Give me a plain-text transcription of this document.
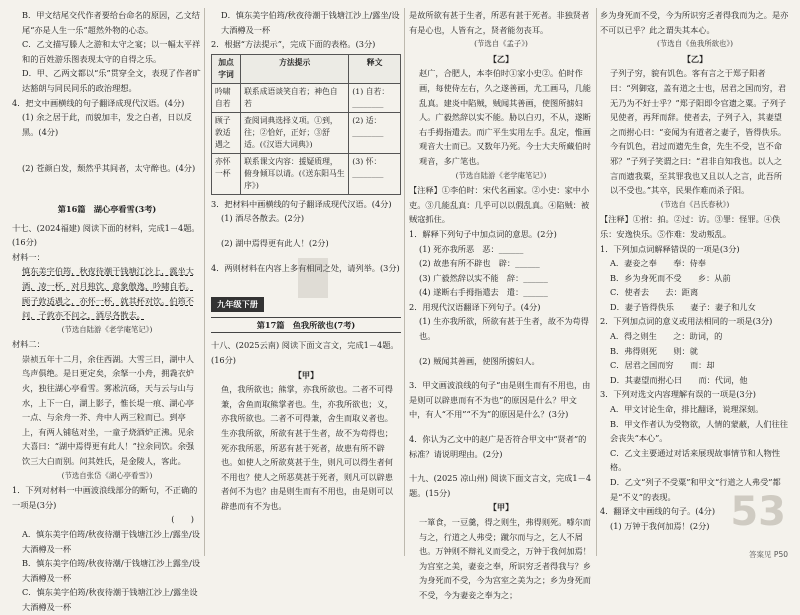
B．甲文结尾交代作者要给台命名的原因，乙文结尾“亦是人生一乐”超然外物的心态。

C．乙文描写滕人之游和太守之宴；以一幅太平祥和的百姓游乐图表现太守的自得之乐。

D．甲、乙两文都以“乐”贯穿全文，表现了作者旷达豁朗与同民同乐的政治理想。

4．把文中画横线的句子翻译成现代汉语。(4分)

(1) 余之居于此，而貌加丰，发之白者，日以反黑。(4分)

(2) 苍颜白发，颓然乎其间者，太守醉也。(4分)

第16篇　湖心亭看雪(3考)

十七、(2024福建) 阅读下面的材料，完成1－4题。(16分)

材料一：

慎东美字伯筠，秋夜待潮于钱塘江沙上，露坐大酒，凌一杯，对月独饮，意象傲逸，吟啸自若。顾子敦适遇之，亦怀一杯，就其杯对饮。伯筠不问，子敦亦不问之，酒尽各散去。

(节选自陆游《老学庵笔记》)

材料二：

崇祯五年十二月，余住西湖。大雪三日，湖中人鸟声俱绝。是日更定矣，余拏一小舟，拥毳衣炉火，独往湖心亭看雪。雾凇沆砀，天与云与山与水，上下一白，湖上影子，惟长堤一痕、湖心亭一点、与余舟一芥、舟中人两三粒而已。到亭上，有两人铺毡对坐，一童子烧酒炉正沸。见余大喜曰：“湖中焉得更有此人！”拉余同饮。余强饮三大白而别。问其姓氏，是金陵人，客此。

(节选自张岱《湖心亭看雪》)

1．下列对材料一中画波浪线部分的断句，不正确的一项是(3分)

(　　)

A．慎东美字伯筠/秋夜待潮于钱塘江沙上/露坐/设大酒樽及一杯

B．慎东美字伯筠/秋夜待潮/于钱塘江沙上露坐/设大酒樽及一杯

C．慎东美字伯筠/秋夜待潮于钱塘江沙上/露坐设大酒樽及一杯

D．慎东美字伯筠/秋夜待潮于钱塘江沙上/露坐/设大酒樽及一杯

2．根据“方法提示”，完成下面的表格。(3分)

加点字词	方法提示	释文
吟啸自若	联系成语谈笑自若；神色自若	(1) 自若：________
顾子敦适遇之	查阅词典选择义项。①到，往；②恰好，正好；③舒适。(《汉语大词典》)	(2) 适：________
亦怀一杯	联系课文内容：援疑质理，俯身倾耳以请。(《送东阳马生序》)	(3) 怀：________

3．把材料中画横线的句子翻译成现代汉语。(4分)

(1) 酒尽各散去。(2分)

(2) 湖中焉得更有此人！(2分)

4．两则材料在内容上多有相同之处，请列举。(3分)

九年级下册

第17篇　鱼我所欲也(7考)

十八、(2025云南) 阅读下面文言文，完成1－4题。(16分)

【甲】

鱼，我所欲也；熊掌，亦我所欲也。二者不可得兼，舍鱼而取熊掌者也。生，亦我所欲也；义，亦我所欲也。二者不可得兼，舍生而取义者也。生亦我所欲，所欲有甚于生者，故不为苟得也；死亦我所恶，所恶有甚于死者，故患有所不辟也。如使人之所欲莫甚于生，则凡可以得生者何不用也？使人之所恶莫甚于死者，则凡可以辟患者何不为也？由是则生而有不用也，由是则可以辟患而有不为也。

是故所欲有甚于生者，所恶有甚于死者。非独贤者有是心也，人皆有之，贤者能勿丧耳。

(节选自《孟子》)

【乙】

赵广，合肥人，本李伯时①家小史②。伯时作画，每使侍左右，久之遂善画，尤工画马，几能乱真。建炎中陷贼，贼闻其善画，使图所掳妇人。广毅然辞以实不能。胁以白刃，不从，遂断右手拇指遣去。而广平生实用左手。乱定，惟画观音大士而已。又数年乃死。今士大夫所藏伯时观音，多广笔也。

(节选自陆游《老学庵笔记》)

【注释】①李伯时：宋代名画家。②小史：家中小吏。③几能乱真：几乎可以以假乱真。④陷贼：被贼寇抓住。

1．解释下列句子中加点词的意思。(2分)

(1) 死亦我所恶　 恶：______

(2) 故患有所不辟也　 辟：______

(3) 广毅然辞以实不能　 辞：______

(4) 遂断右手拇指遣去　 遣：______

2．用现代汉语翻译下列句子。(4分)

(1) 生亦我所欲，所欲有甚于生者，故不为苟得也。

(2) 贼闻其善画，使图所掳妇人。

3．甲文画波浪线的句子“由是则生而有不用也，由是则可以辟患而有不为也”的原因是什么？甲文中，有人“不用”“不为”的原因是什么？(3分)

4．你认为乙文中的赵广是否符合甲文中“贤者”的标准？请说明理由。(2分)

十九、(2025 凉山州) 阅读下面文言文，完成1－4题。(15分)

【甲】

一箪食，一豆羹，得之则生，弗得则死。嘑尔而与之，行道之人弗受；蹴尔而与之，乞人不屑也。万钟则不辩礼义而受之，万钟于我何加焉！为宫室之美，妻妾之奉，所识穷乏者得我与？乡为身死而不受，今为宫室之美为之；乡为身死而不受，今为妻妾之奉为之；

乡为身死而不受，今为所识穷乏者得我而为之。是亦不可以已乎？此之谓失其本心。

(节选自《鱼我所欲也》)

【乙】

子列子穷，貌有饥色。客有言之于郑子阳者曰：“列御寇，盖有道之士也，居君之国而穷，君无乃为不好士乎？”郑子阳即令官遗之粟。子列子见使者，再拜而辞。使者去，子列子入，其妻望之而拊心曰：“妾闻为有道者之妻子，皆得佚乐。今有饥色，君过而遗先生食，先生不受，岂不命邪？”子列子笑谓之曰：“君非自知我也。以人之言而遗我粟，至其罪我也又且以人之言，此吾所以不受也。”其卒，民果作难而杀子阳。

(节选自《吕氏春秋》)

【注释】①拊：拍。②过：访。③罪：怪罪。④佚乐：安逸快乐。⑤作难：发动叛乱。

1．下列加点词解释错误的一项是(3分)

A．妻妾之奉　　奉：侍奉

B．乡为身死而不受　　乡：从前

C．使者去　　去：距离

D．妻子皆得佚乐　　妻子：妻子和儿女

2．下列加点词的意义或用法相同的一项是(3分)

A．得之则生　　之：助词，的

B．弗得则死　　则：就

C．居君之国而穷　　而：却

D．其妻望而拊心曰　　而：代词，他

3．下列对选文内容理解有误的一项是(3分)

A．甲文讨论生命，排比翻译，说理深刻。

B．甲文作者认为受物欲，人情的蒙蔽，人们往往会丧失“本心”。

C．乙文主要通过对话来展现故事情节和人物性格。

D．乙文“列子不受粟”和甲文“行道之人弗受”都是“不义”的表现。

4．翻译文中画线的句子。(4分)

(1) 万钟于我何加焉！(2分) 53
答案见 P50
